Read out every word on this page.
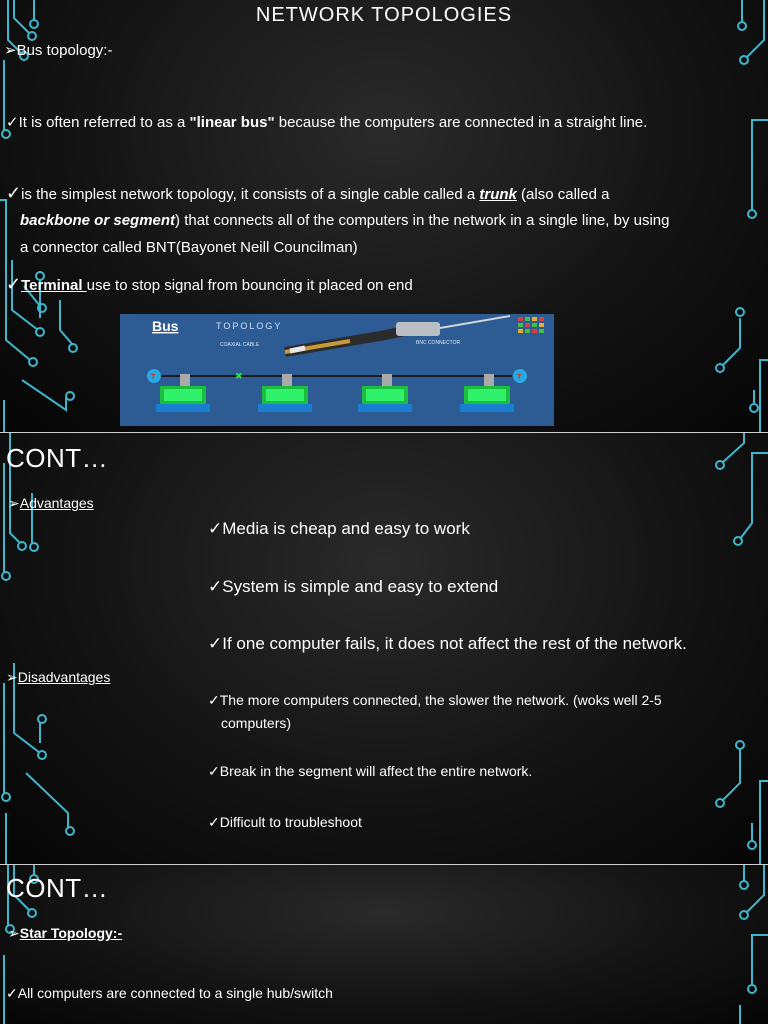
NETWORK TOPOLOGIES
➢Bus topology:-
✓It is often referred to as a "linear bus" because the computers are connected in a straight line.
✓is the simplest network topology, it consists of a single cable called a trunk (also called a
backbone or segment) that connects all of the computers in the network in a single line, by using
a connector called BNT(Bayonet Neill Councilman)
✓Terminal use to stop signal from bouncing it placed on end
Bus	TOPOLOGY
COAXIAL CABLE	BNC CONNECTOR
T	T
✖
CONT…
➢Advantages
✓Media is cheap and easy to work
✓System is simple and easy to extend
✓If one computer fails, it does not affect the rest of the network.
➢Disadvantages
✓The more computers connected, the slower the network. (woks well 2-5
computers)
✓Break in the segment will affect the entire network.
✓Difficult to troubleshoot
CONT…
➢Star Topology:-
✓All computers are connected to a single hub/switch
